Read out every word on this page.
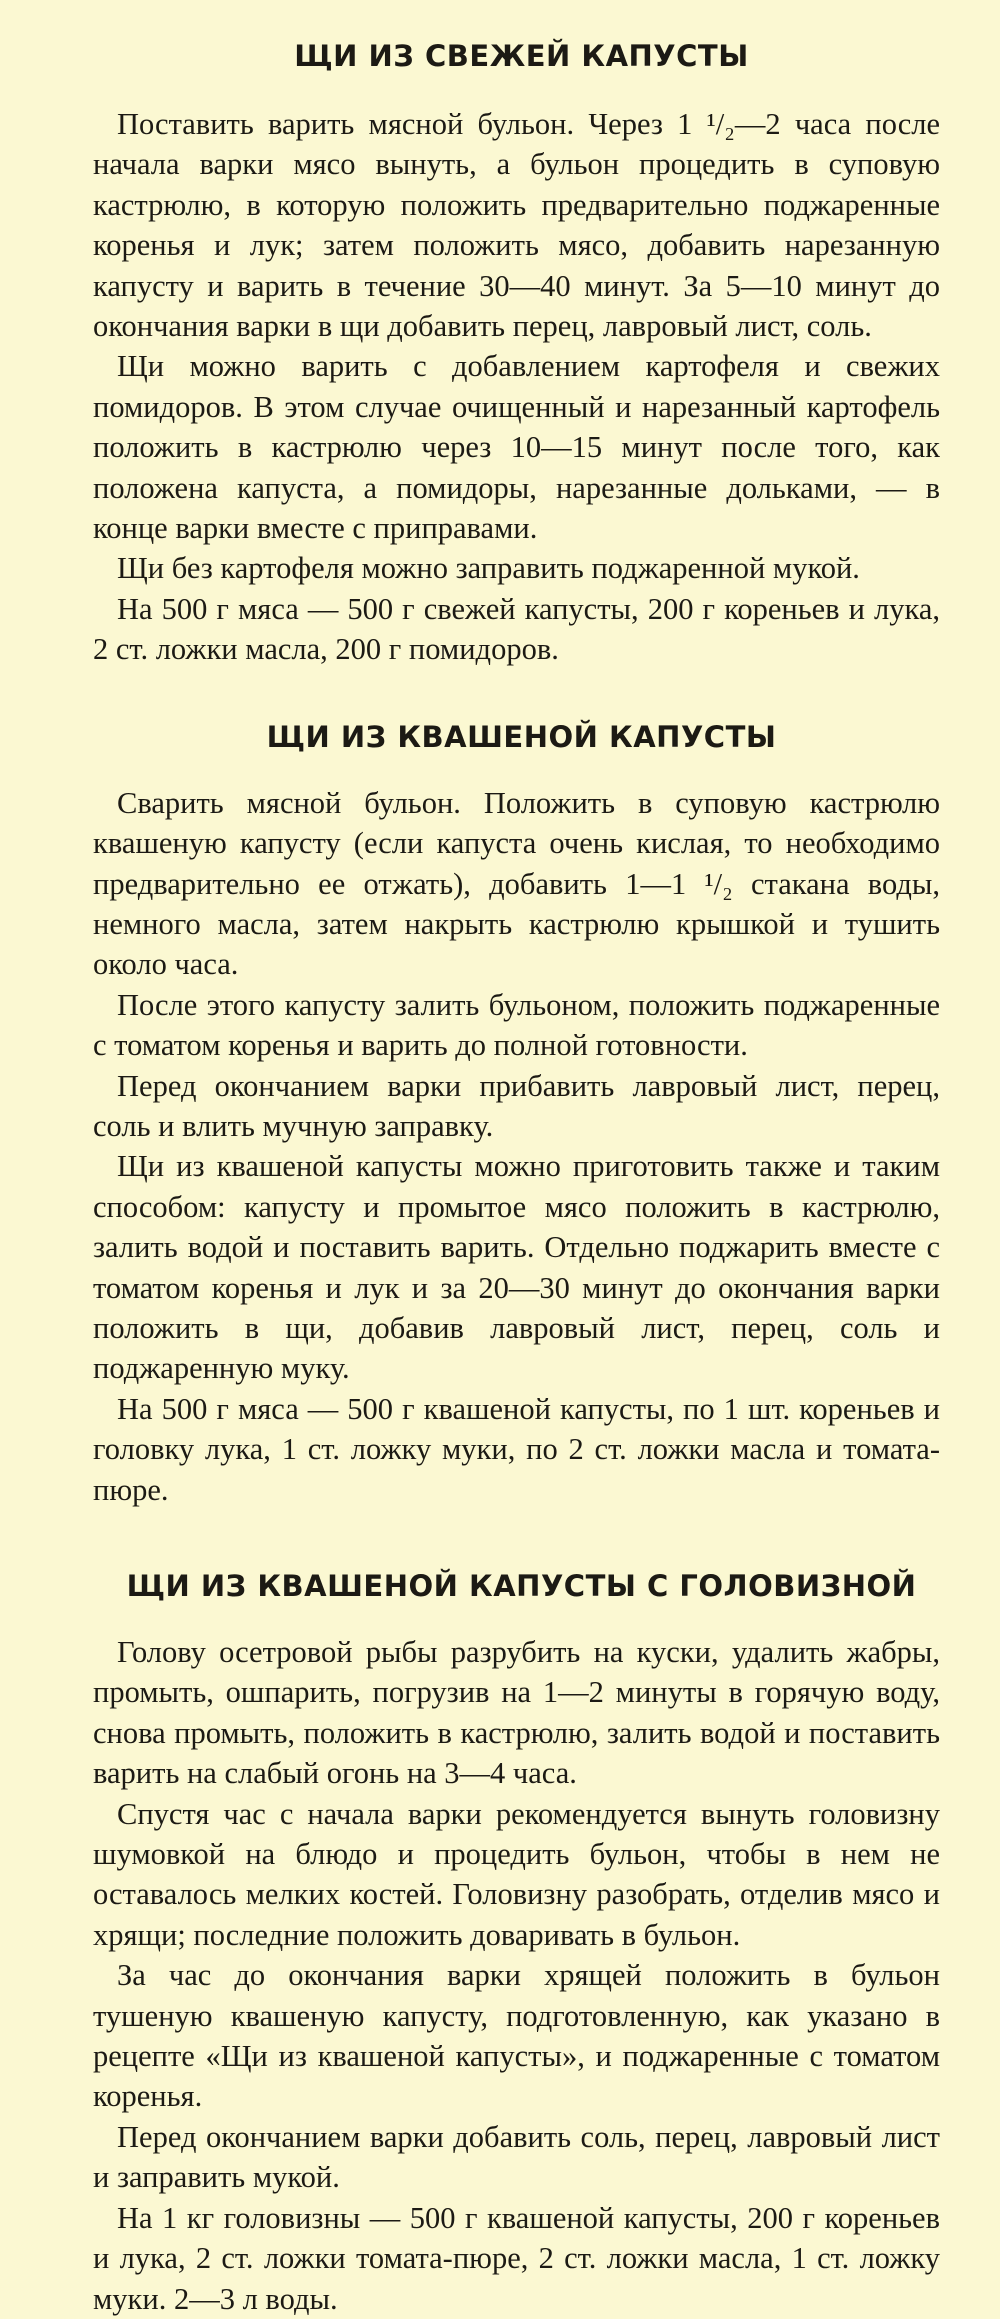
ЩИ ИЗ СВЕЖЕЙ КАПУСТЫ

Поставить варить мясной бульон. Через 1 ¹/₂—2 часа после начала варки мясо вынуть, а бульон процедить в суповую кастрюлю, в которую положить предварительно поджаренные коренья и лук; затем положить мясо, добавить нарезанную капусту и варить в течение 30—40 минут. За 5—10 минут до окончания варки в щи добавить перец, лавровый лист, соль.

Щи можно варить с добавлением картофеля и свежих помидоров. В этом случае очищенный и нарезанный картофель положить в кастрюлю через 10—15 минут после того, как положена капуста, а помидоры, нарезанные дольками, — в конце варки вместе с приправами.

Щи без картофеля можно заправить поджаренной мукой.

На 500 г мяса — 500 г свежей капусты, 200 г кореньев и лука, 2 ст. ложки масла, 200 г помидоров.

ЩИ ИЗ КВАШЕНОЙ КАПУСТЫ

Сварить мясной бульон. Положить в суповую кастрюлю квашеную капусту (если капуста очень кислая, то необходимо предварительно ее отжать), добавить 1—1 ¹/₂ стакана воды, немного масла, затем накрыть кастрюлю крышкой и тушить около часа.

После этого капусту залить бульоном, положить поджаренные с томатом коренья и варить до полной готовности.

Перед окончанием варки прибавить лавровый лист, перец, соль и влить мучную заправку.

Щи из квашеной капусты можно приготовить также и таким способом: капусту и промытое мясо положить в кастрюлю, залить водой и поставить варить. Отдельно поджарить вместе с томатом коренья и лук и за 20—30 минут до окончания варки положить в щи, добавив лавровый лист, перец, соль и поджаренную муку.

На 500 г мяса — 500 г квашеной капусты, по 1 шт. кореньев и головку лука, 1 ст. ложку муки, по 2 ст. ложки масла и томата-пюре.

ЩИ ИЗ КВАШЕНОЙ КАПУСТЫ С ГОЛОВИЗНОЙ

Голову осетровой рыбы разрубить на куски, удалить жабры, промыть, ошпарить, погрузив на 1—2 минуты в горячую воду, снова промыть, положить в кастрюлю, залить водой и поставить варить на слабый огонь на 3—4 часа.

Спустя час с начала варки рекомендуется вынуть головизну шумовкой на блюдо и процедить бульон, чтобы в нем не оставалось мелких костей. Головизну разобрать, отделив мясо и хрящи; последние положить доваривать в бульон.

За час до окончания варки хрящей положить в бульон тушеную квашеную капусту, подготовленную, как указано в рецепте «Щи из квашеной капусты», и поджаренные с томатом коренья.

Перед окончанием варки добавить соль, перец, лавровый лист и заправить мукой.

На 1 кг головизны — 500 г квашеной капусты, 200 г кореньев и лука, 2 ст. ложки томата-пюре, 2 ст. ложки масла, 1 ст. ложку муки. 2—3 л воды.
